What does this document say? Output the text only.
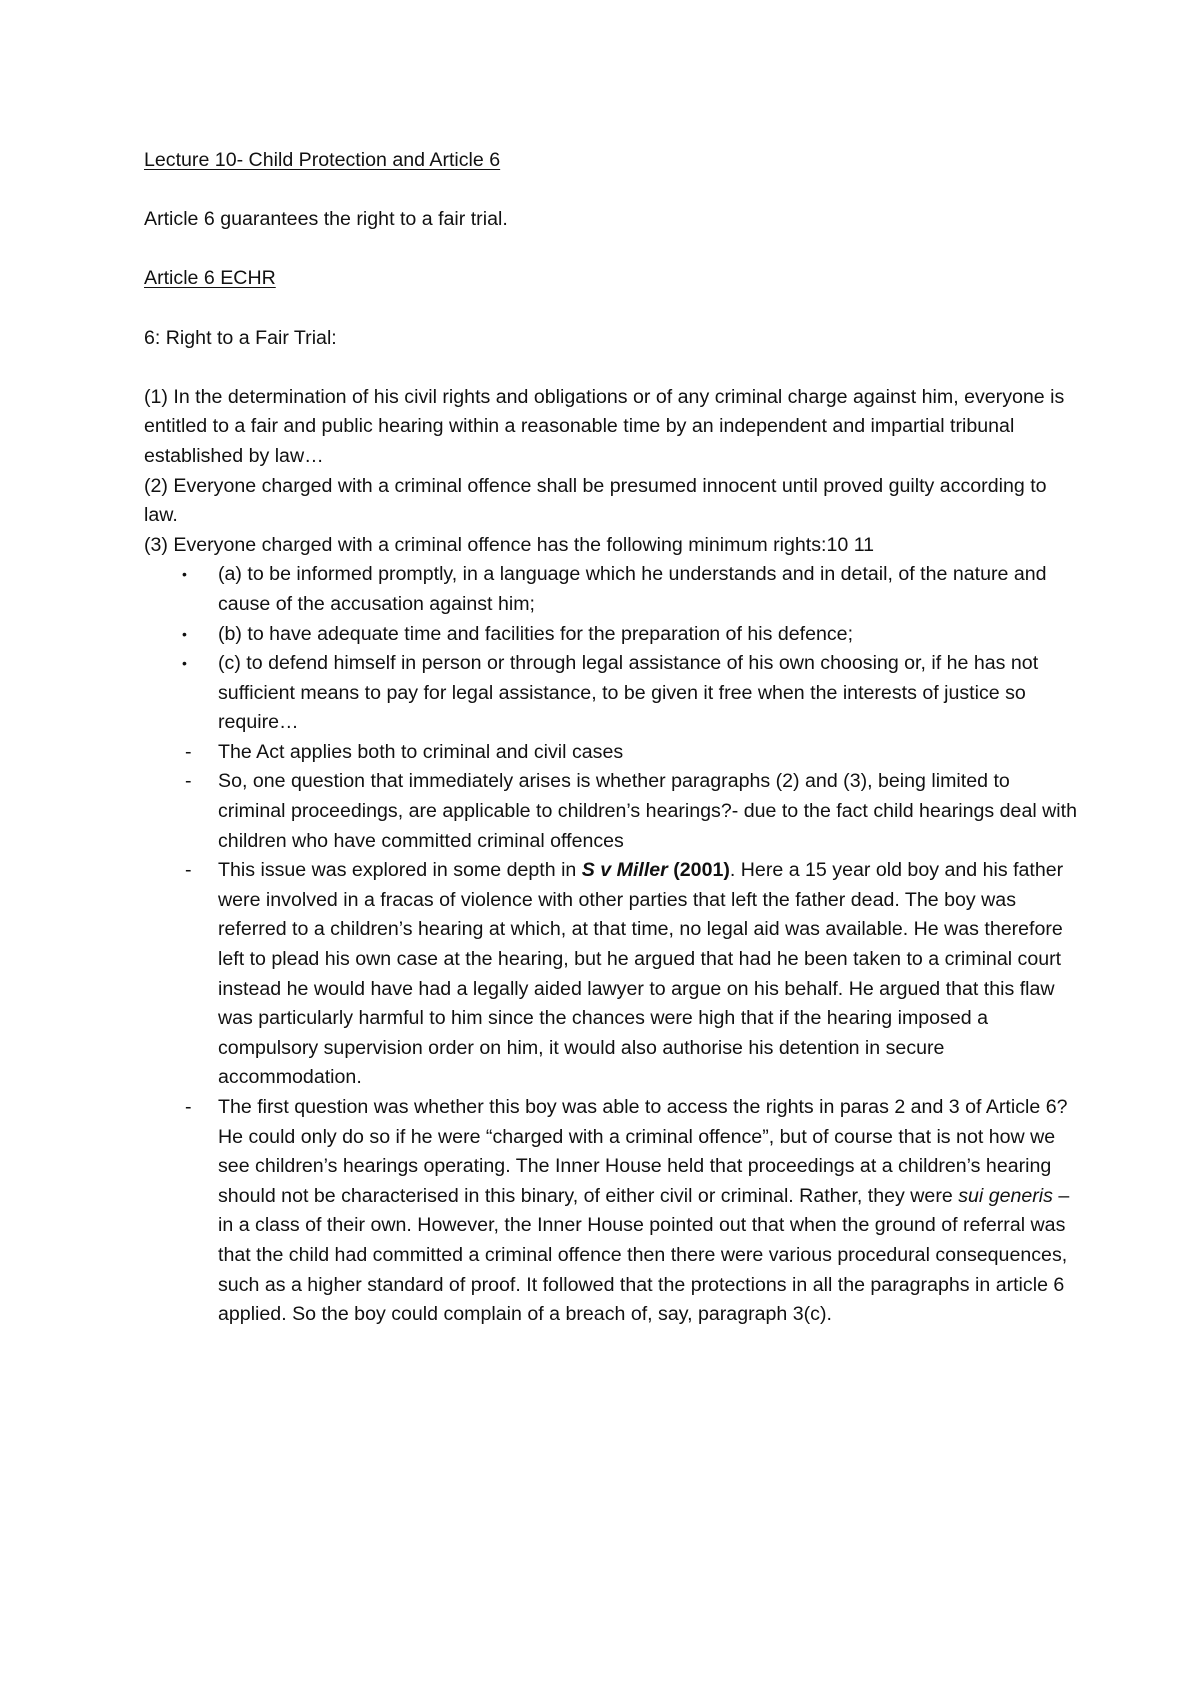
Lecture 10- Child Protection and Article 6

Article 6 guarantees the right to a fair trial.

Article 6 ECHR

6: Right to a Fair Trial:

(1) In the determination of his civil rights and obligations or of any criminal charge against him, everyone is entitled to a fair and public hearing within a reasonable time by an independent and impartial tribunal established by law…

(2) Everyone charged with a criminal offence shall be presumed innocent until proved guilty according to law.

(3) Everyone charged with a criminal offence has the following minimum rights:10 11

• (a) to be informed promptly, in a language which he understands and in detail, of the nature and cause of the accusation against him;
• (b) to have adequate time and facilities for the preparation of his defence;
• (c) to defend himself in person or through legal assistance of his own choosing or, if he has not sufficient means to pay for legal assistance, to be given it free when the interests of justice so require…
- The Act applies both to criminal and civil cases
- So, one question that immediately arises is whether paragraphs (2) and (3), being limited to criminal proceedings, are applicable to children’s hearings?- due to the fact child hearings deal with children who have committed criminal offences
- This issue was explored in some depth in S v Miller (2001). Here a 15 year old boy and his father were involved in a fracas of violence with other parties that left the father dead. The boy was referred to a children’s hearing at which, at that time, no legal aid was available. He was therefore left to plead his own case at the hearing, but he argued that had he been taken to a criminal court instead he would have had a legally aided lawyer to argue on his behalf. He argued that this flaw was particularly harmful to him since the chances were high that if the hearing imposed a compulsory supervision order on him, it would also authorise his detention in secure accommodation.
- The first question was whether this boy was able to access the rights in paras 2 and 3 of Article 6? He could only do so if he were “charged with a criminal offence”, but of course that is not how we see children’s hearings operating. The Inner House held that proceedings at a children’s hearing should not be characterised in this binary, of either civil or criminal. Rather, they were sui generis – in a class of their own. However, the Inner House pointed out that when the ground of referral was that the child had committed a criminal offence then there were various procedural consequences, such as a higher standard of proof. It followed that the protections in all the paragraphs in article 6 applied. So the boy could complain of a breach of, say, paragraph 3(c).
